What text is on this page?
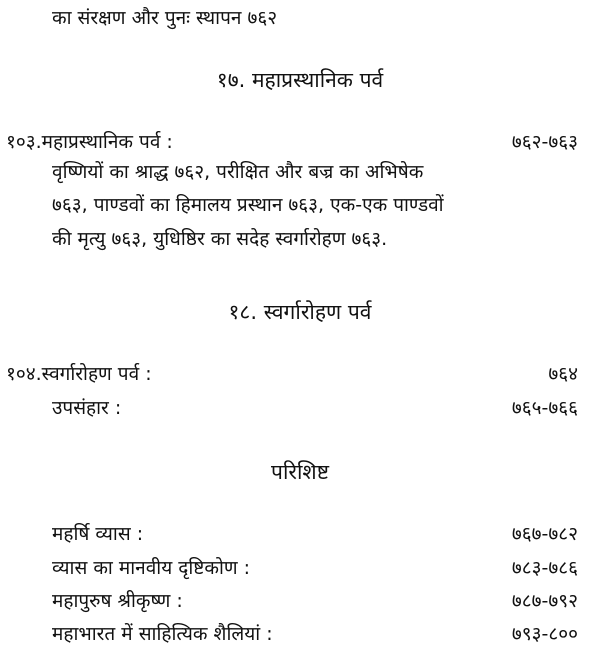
का संरक्षण और पुनः स्थापन ७६२
१७. महाप्रस्थानिक पर्व
१०३.महाप्रस्थानिक पर्व :	७६२-७६३
वृष्णियों का श्राद्ध ७६२, परीक्षित और बज्र का अभिषेक
७६३, पाण्डवों का हिमालय प्रस्थान ७६३, एक-एक पाण्डवों
की मृत्यु ७६३, युधिष्ठिर का सदेह स्वर्गारोहण ७६३.
१८. स्वर्गारोहण पर्व
१०४.स्वर्गारोहण पर्व :	७६४
उपसंहार :	७६५-७६६
परिशिष्ट
महर्षि व्यास :	७६७-७८२
व्यास का मानवीय दृष्टिकोण :	७८३-७८६
महापुरुष श्रीकृष्ण :	७८७-७९२
महाभारत में साहित्यिक शैलियां :	७९३-८००
